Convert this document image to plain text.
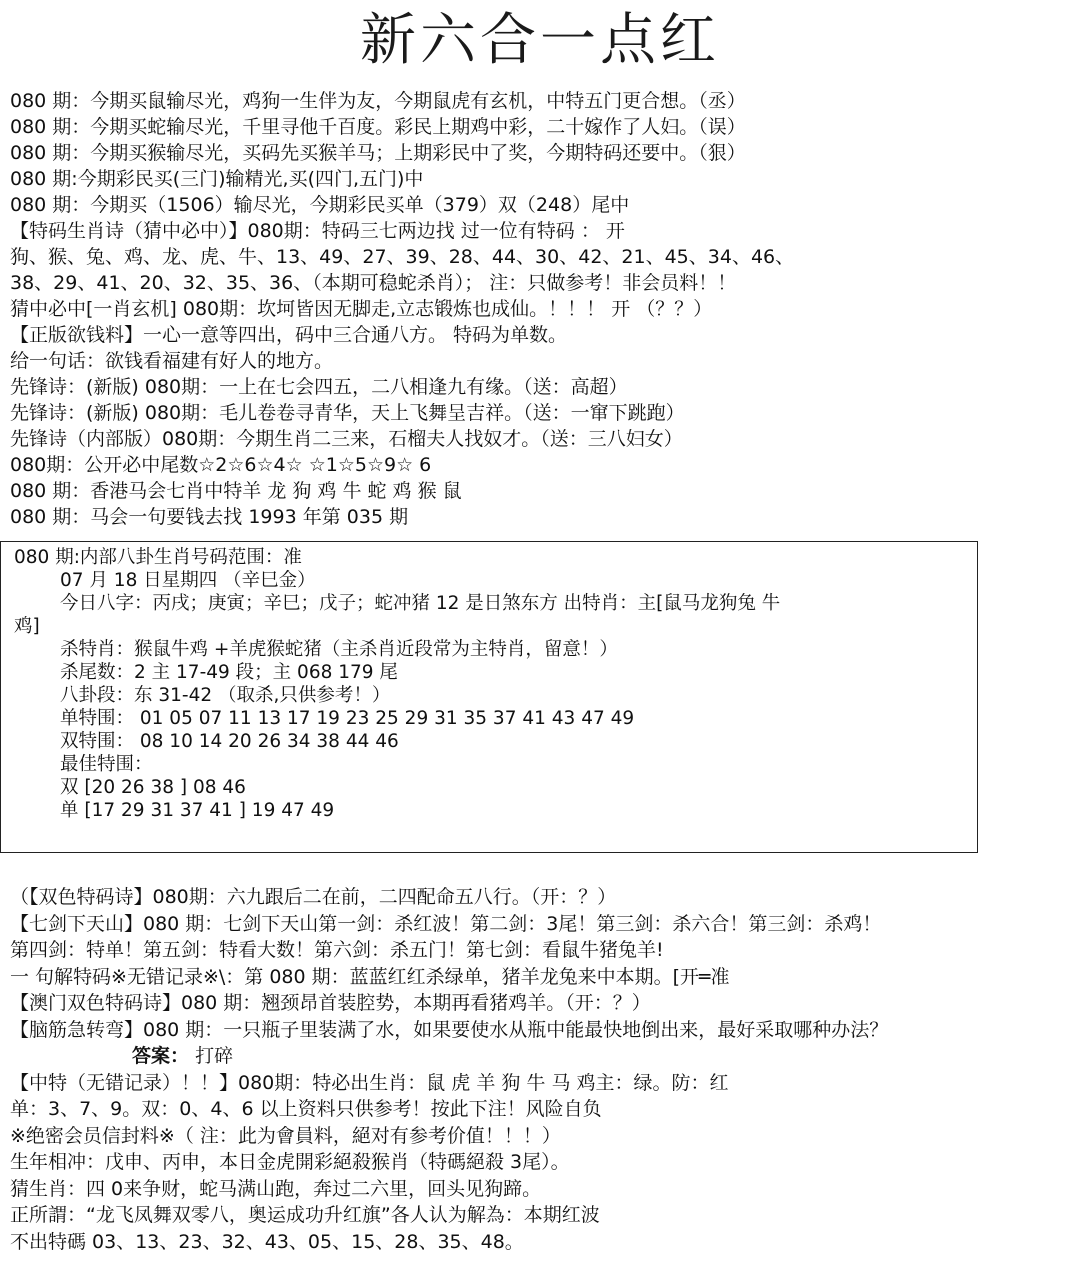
新六合一点红
080 期：今期买鼠输尽光，鸡狗一生伴为友，今期鼠虎有玄机，中特五门更合想。（丞）
080 期：今期买蛇输尽光，千里寻他千百度。彩民上期鸡中彩，二十嫁作了人妇。（误）
080 期：今期买猴输尽光，买码先买猴羊马；上期彩民中了奖，今期特码还要中。（狠）
080 期:今期彩民买(三门)输精光,买(四门,五门)中
080 期：今期买（1506）输尽光，今期彩民买单（379）双（248）尾中
【特码生肖诗（猜中必中）】080期：特码三七两边找 过一位有特码 ： 开
狗、猴、兔、鸡、龙、虎、牛、13、49、27、39、28、44、30、42、21、45、34、46、
38、29、41、20、32、35、36、（本期可稳蛇杀肖）； 注：只做参考！非会员料！！
猜中必中[一肖玄机] 080期：坎坷皆因无脚走,立志锻炼也成仙。！！！ 开 （？？）
【正版欲钱料】一心一意等四出，码中三合通八方。 特码为单数。
给一句话：欲钱看福建有好人的地方。
先锋诗：(新版) 080期：一上在七会四五，二八相逢九有缘。（送：高超）
先锋诗：(新版) 080期：毛儿卷卷寻青华，天上飞舞呈吉祥。（送：一窜下跳跑）
先锋诗（内部版）080期：今期生肖二三来，石榴夫人找奴才。（送：三八妇女）
080期：公开必中尾数☆2☆6☆4☆ ☆1☆5☆9☆ 6
080 期：香港马会七肖中特羊 龙 狗 鸡 牛 蛇 鸡 猴 鼠
080 期：马会一句要钱去找 1993 年第 035 期
080 期:内部八卦生肖号码范围：准
07 月 18 日星期四 （辛巳金）
今日八字：丙戌；庚寅；辛巳；戊子；蛇冲猪 12 是日煞东方 出特肖：主[鼠马龙狗兔 牛
鸡]
杀特肖：猴鼠牛鸡 +羊虎猴蛇猪（主杀肖近段常为主特肖，留意！）
杀尾数：2 主 17-49 段；主 068 179 尾
八卦段：东 31-42 （取杀,只供参考！）
单特围： 01 05 07 11 13 17 19 23 25 29 31 35 37 41 43 47 49
双特围： 08 10 14 20 26 34 38 44 46
最佳特围：
双 [20 26 38 ] 08 46
单 [17 29 31 37 41 ] 19 47 49
（【双色特码诗】080期：六九跟后二在前，二四配命五八行。（开：？）
【七剑下天山】080 期：七剑下天山第一剑：杀红波！第二剑：3尾！第三剑：杀六合！第三剑：杀鸡！
第四剑：特单！第五剑：特看大数！第六剑：杀五门！第七剑：看鼠牛猪兔羊!
一 句解特码※无错记录※\：第 080 期：蓝蓝红红杀绿单，猪羊龙兔来中本期。[开═准
【澳门双色特码诗】080 期：翘颈昂首装腔势，本期再看猪鸡羊。（开：？）
【脑筋急转弯】080 期：一只瓶子里装满了水，如果要使水从瓶中能最快地倒出来，最好采取哪种办法？
答案： 打碎
【中特（无错记录）！！】080期：特必出生肖：鼠 虎 羊 狗 牛 马 鸡主：绿。防：红
单：3、7、9。双：0、4、6 以上资料只供参考！按此下注！风险自负
※绝密会员信封料※（ 注：此为會員料，絕对有参考价值！！！）
生年相冲：戊申、丙申，本日金虎開彩絕殺猴肖（特碼絕殺 3尾）。
猜生肖：四 0来争财，蛇马满山跑，奔过二六里，回头见狗蹄。
正所謂：“龙飞凤舞双零八，奥运成功升红旗”各人认为解為：本期红波
不出特碼 03、13、23、32、43、05、15、28、35、48。
